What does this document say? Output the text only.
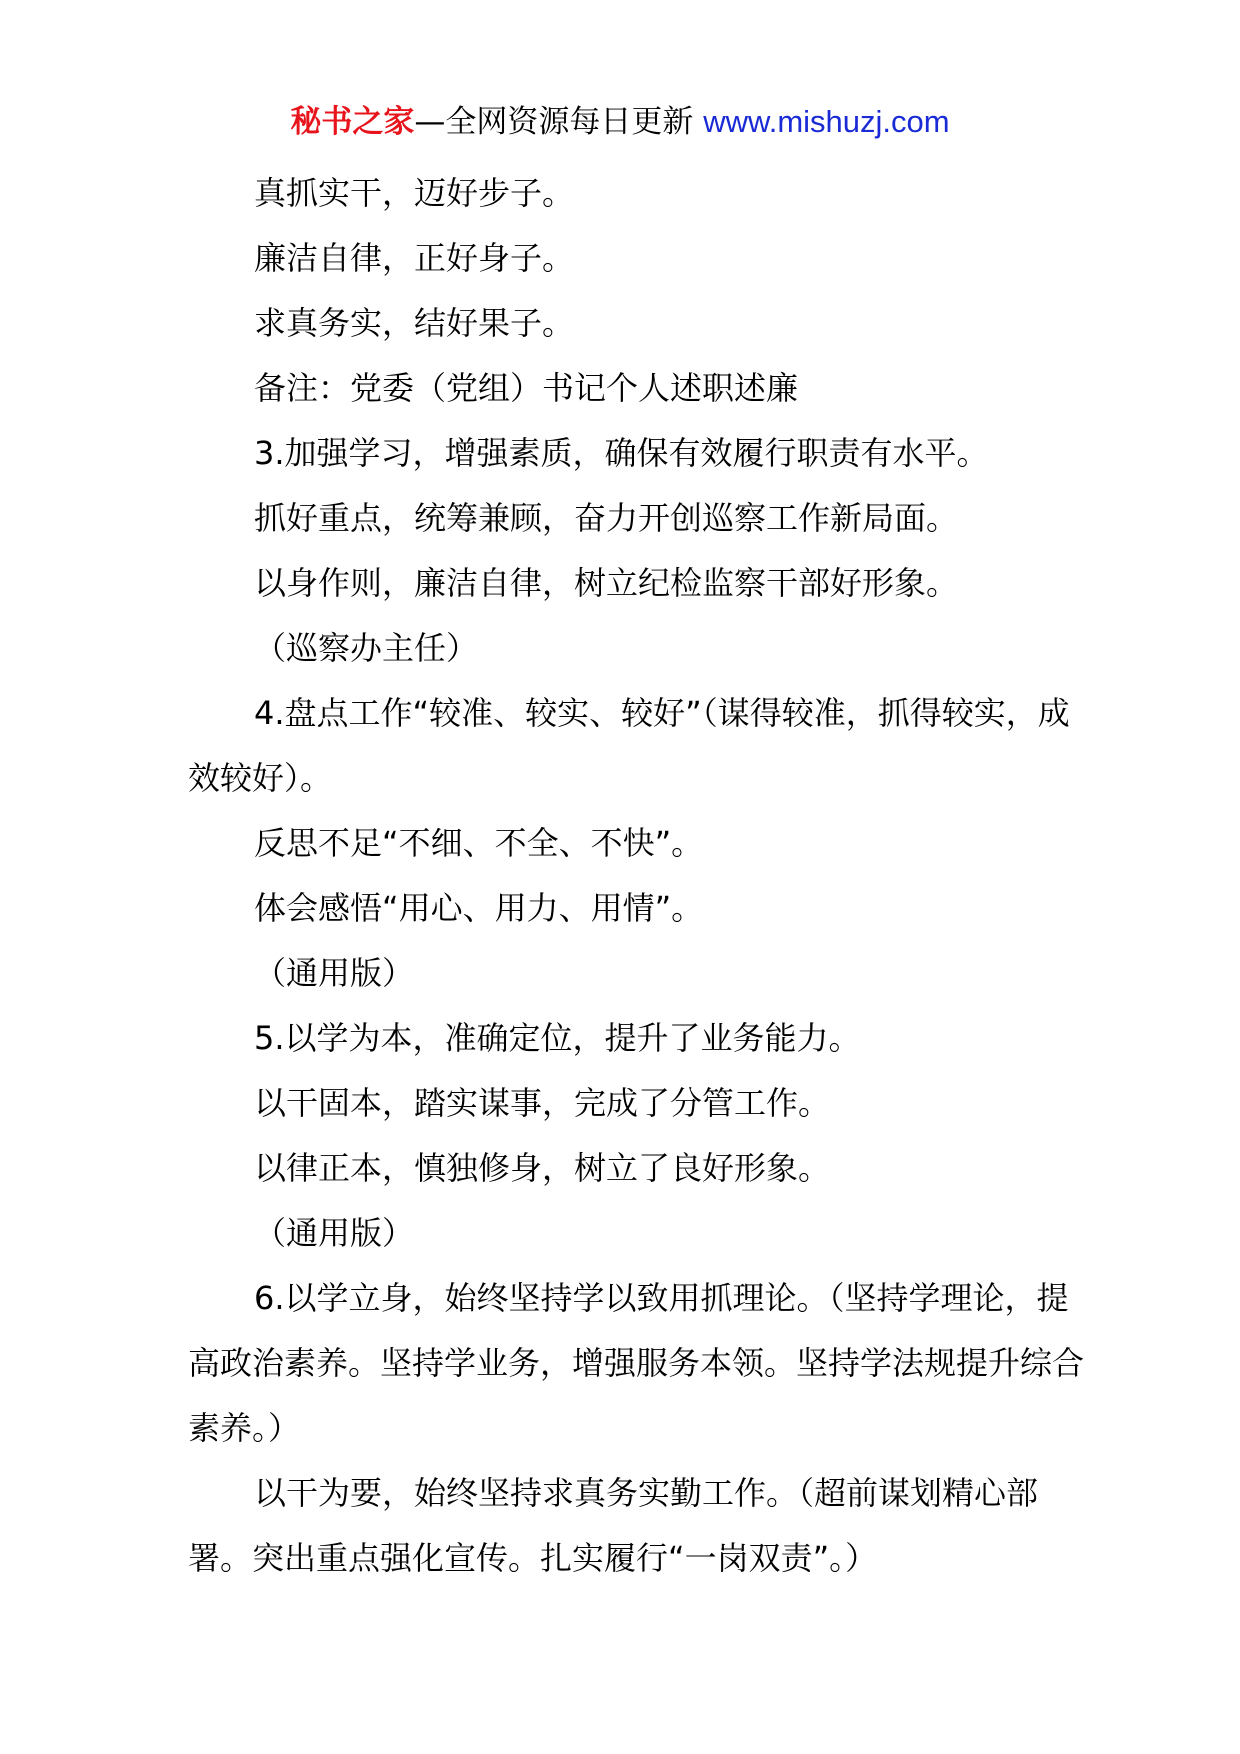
秘书之家—全网资源每日更新 www.mishuzj.com

真抓实干，迈好步子。

廉洁自律，正好身子。

求真务实，结好果子。

备注：党委（党组）书记个人述职述廉

3.加强学习，增强素质，确保有效履行职责有水平。

抓好重点，统筹兼顾，奋力开创巡察工作新局面。

以身作则，廉洁自律，树立纪检监察干部好形象。

（巡察办主任）

4.盘点工作“较准、较实、较好”（谋得较准，抓得较实，成效较好）。

反思不足“不细、不全、不快”。

体会感悟“用心、用力、用情”。

（通用版）

5.以学为本，准确定位，提升了业务能力。

以干固本，踏实谋事，完成了分管工作。

以律正本，慎独修身，树立了良好形象。

（通用版）

6.以学立身，始终坚持学以致用抓理论。（坚持学理论，提高政治素养。坚持学业务，增强服务本领。坚持学法规提升综合素养。）

以干为要，始终坚持求真务实勤工作。（超前谋划精心部署。突出重点强化宣传。扎实履行“一岗双责”。）
